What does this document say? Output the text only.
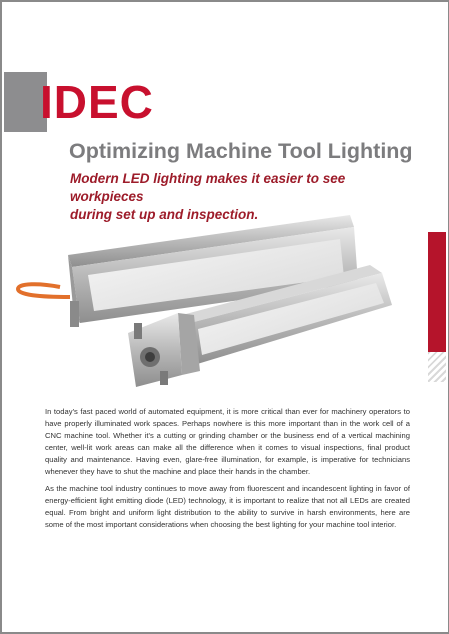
IDEC
Optimizing Machine Tool Lighting
Modern LED lighting makes it easier to see workpieces
during set up and inspection.

In today’s fast paced world of automated equipment, it is more critical than ever for machinery operators to have properly illuminated work spaces. Perhaps nowhere is this more important than in the work cell of a CNC machine tool. Whether it’s a cutting or grinding chamber or the business end of a vertical machining center, well-lit work areas can make all the difference when it comes to visual inspections, final product quality and maintenance. Having even, glare-free illumination, for example, is imperative for technicians whenever they have to shut the machine and place their hands in the chamber.

As the machine tool industry continues to move away from fluorescent and incandescent lighting in favor of energy-efficient light emitting diode (LED) technology, it is important to realize that not all LEDs are created equal. From bright and uniform light distribution to the ability to survive in harsh environments, here are some of the most important considerations when choosing the best lighting for your machine tool interior.
